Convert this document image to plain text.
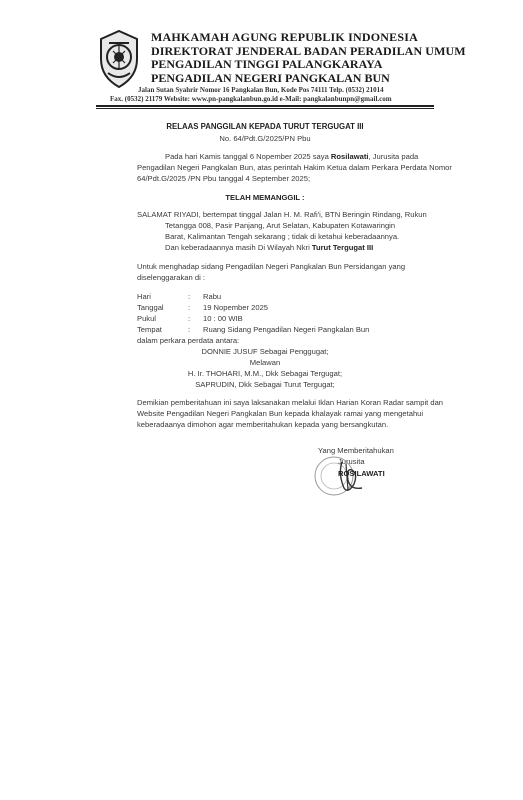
MAHKAMAH AGUNG REPUBLIK INDONESIA
DIREKTORAT JENDERAL BADAN PERADILAN UMUM
PENGADILAN TINGGI PALANGKARAYA
PENGADILAN NEGERI PANGKALAN BUN
Jalan Sutan Syahrir Nomor 16 Pangkalan Bun, Kode Pos 74111 Telp. (0532) 21014
Fax. (0532) 21179 Website: www.pn-pangkalanbun.go.id e-Mail: pangkalanbunpn@gmail.com
RELAAS PANGGILAN KEPADA TURUT TERGUGAT III
No. 64/Pdt.G/2025/PN Pbu
Pada hari Kamis tanggal 6 Nopember 2025 saya Rosilawati, Jurusita pada
Pengadilan Negeri Pangkalan Bun, atas perintah Hakim Ketua dalam Perkara Perdata Nomor
64/Pdt.G/2025 /PN Pbu tanggal 4 September 2025;
TELAH MEMANGGIL :
SALAMAT RIYADI, bertempat tinggal Jalan H. M. Rafi'i, BTN Beringin Rindang, Rukun
Tetangga 008, Pasir Panjang, Arut Selatan, Kabupaten Kotawaringin
Barat, Kalimantan Tengah sekarang ; tidak di ketahui keberadaannya.
Dan keberadaannya masih Di Wilayah Nkri Turut Tergugat III
Untuk menghadap sidang Pengadilan Negeri Pangkalan Bun Persidangan yang
diselenggarakan di :
Hari	: Rabu
Tanggal	: 19 Nopember 2025
Pukul	: 10 : 00 WIB
Tempat	: Ruang Sidang Pengadilan Negeri Pangkalan Bun
dalam perkara perdata antara:
DONNIE JUSUF Sebagai Penggugat;
Melawan
H. Ir. THOHARI, M.M., Dkk Sebagai Tergugat;
SAPRUDIN, Dkk Sebagai Turut Tergugat;
Demikian pemberitahuan ini saya laksanakan melalui Iklan Harian Koran Radar sampit dan
Website Pengadilan Negeri Pangkalan Bun kepada khalayak ramai yang mengetahui
keberadaanya dimohon agar memberitahukan kepada yang bersangkutan.
Yang Memberitahukan
Jurusita
ROSILAWATI
